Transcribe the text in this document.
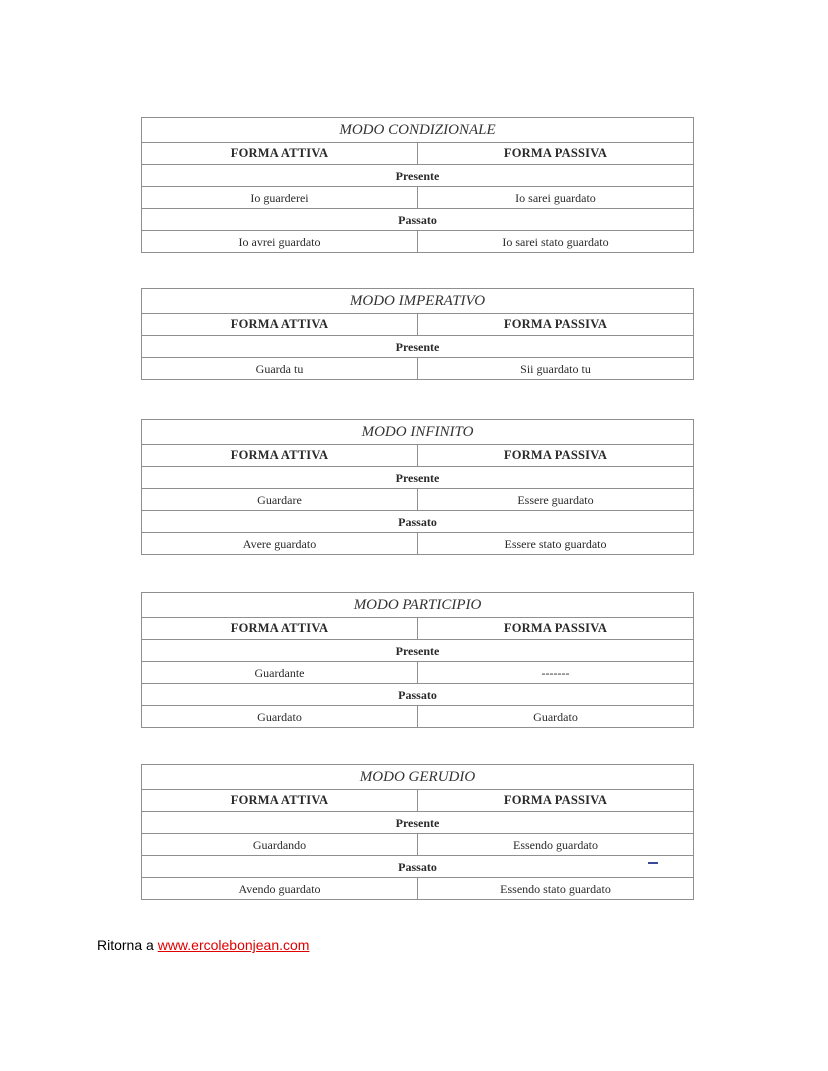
MODO CONDIZIONALE	
FORMA ATTIVA	FORMA PASSIVA
Presente	
Io guarderei	Io sarei guardato
Passato	
Io avrei guardato	Io sarei stato guardato
MODO IMPERATIVO	
FORMA ATTIVA	FORMA PASSIVA
Presente	
Guarda tu	Sii guardato tu
MODO INFINITO	
FORMA ATTIVA	FORMA PASSIVA
Presente	
Guardare	Essere guardato
Passato	
Avere guardato	Essere stato guardato
MODO PARTICIPIO	
FORMA ATTIVA	FORMA PASSIVA
Presente	
Guardante	-------
Passato	
Guardato	Guardato
MODO GERUDIO	
FORMA ATTIVA	FORMA PASSIVA
Presente	
Guardando	Essendo guardato
Passato	
Avendo guardato	Essendo stato guardato
Ritorna a www.ercolebonjean.com
